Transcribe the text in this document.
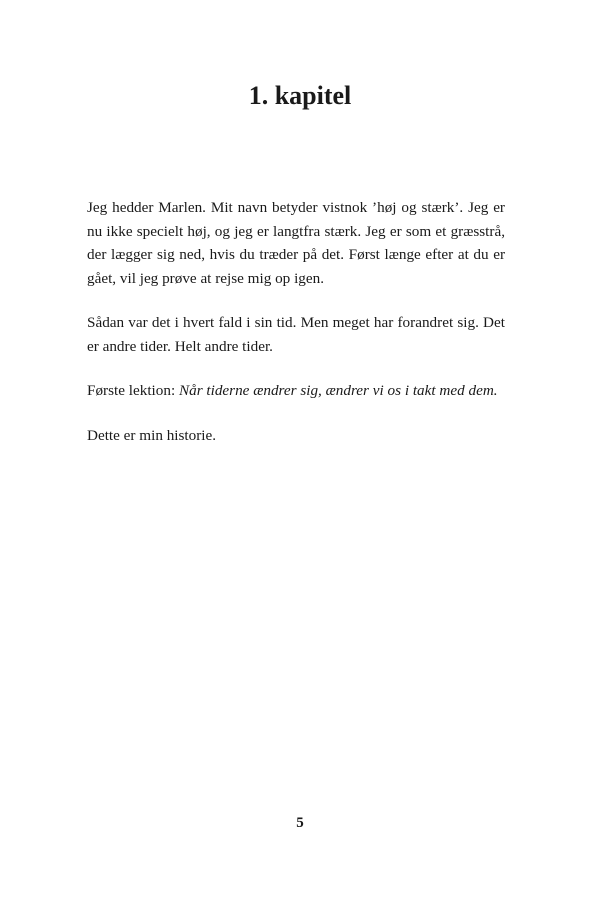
1. kapitel

Jeg hedder Marlen. Mit navn betyder vistnok ’høj og stærk’. Jeg er nu ikke specielt høj, og jeg er langtfra stærk. Jeg er som et græsstrå, der lægger sig ned, hvis du træder på det. Først længe efter at du er gået, vil jeg prøve at rejse mig op igen.

Sådan var det i hvert fald i sin tid. Men meget har forandret sig. Det er andre tider. Helt andre tider.

Første lektion: Når tiderne ændrer sig, ændrer vi os i takt med dem.

Dette er min historie.

5
